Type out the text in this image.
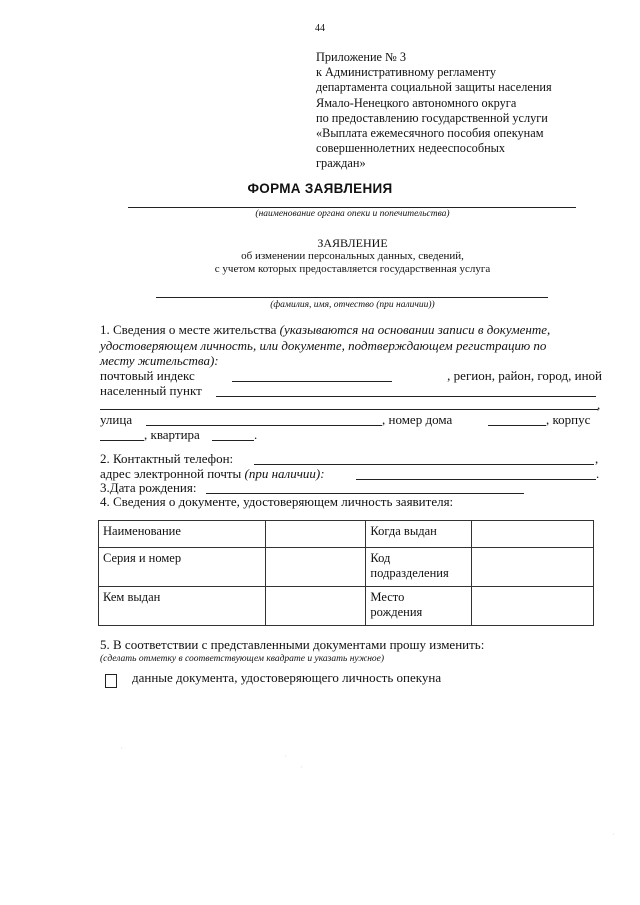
44
Приложение № 3
к Административному регламенту
департамента социальной защиты населения
Ямало-Ненецкого автономного округа
по предоставлению государственной услуги
«Выплата ежемесячного пособия опекунам
совершеннолетних недееспособных
граждан»
ФОРМА ЗАЯВЛЕНИЯ
(наименование органа опеки и попечительства)
ЗАЯВЛЕНИЕ
об изменении персональных данных, сведений,
с учетом которых предоставляется государственная услуга
(фамилия, имя, отчество (при наличии))
1. Сведения о месте жительства (указываются на основании записи в документе,
удостоверяющем личность, или документе, подтверждающем регистрацию по
месту жительства):
почтовый индекс	, регион, район, город, иной
населенный пункт
,
улица	, номер дома	, корпус
, квартира	.
2. Контактный телефон:	,
адрес электронной почты (при наличии):	.
3.Дата рождения:
4. Сведения о документе, удостоверяющем личность заявителя:
Наименование		Когда выдан	
Серия и номер		Код
подразделения	
Кем выдан		Место
рождения	
5. В соответствии с представленными документами прошу изменить:
(сделать отметку в соответствующем квадрате и указать нужное)
данные документа, удостоверяющего личность опекуна
·
·
·
·
